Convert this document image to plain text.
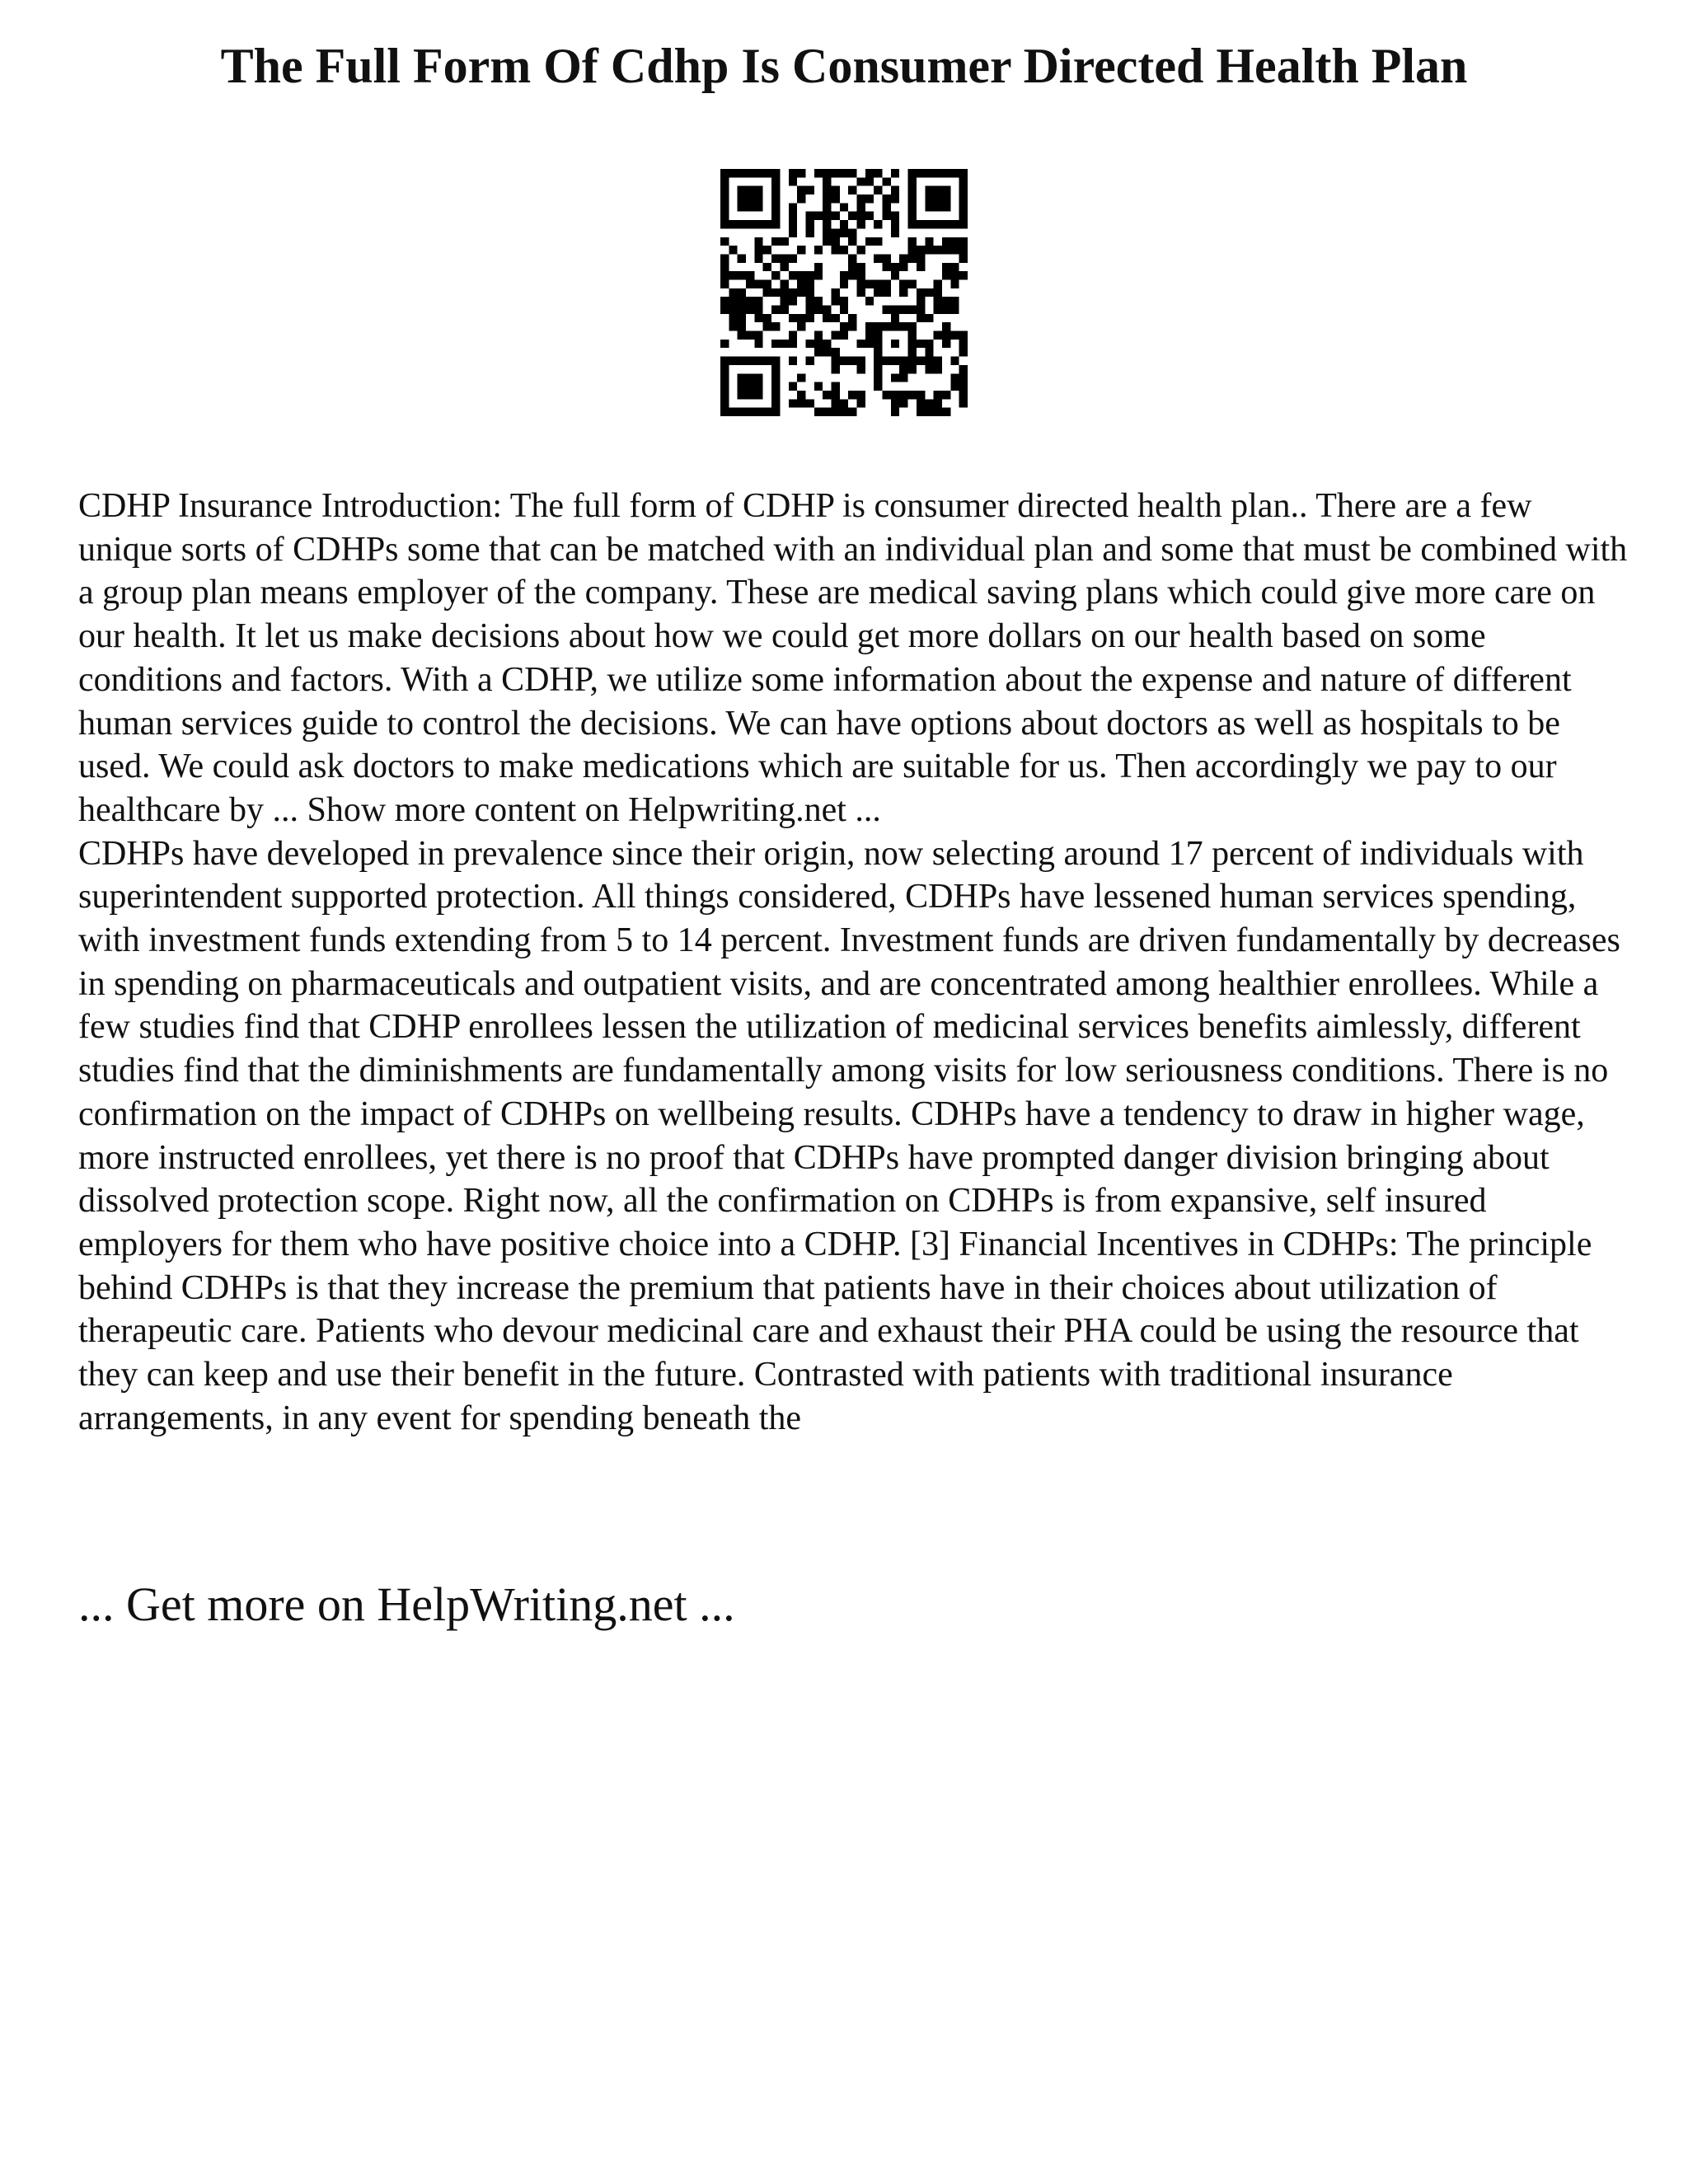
The Full Form Of Cdhp Is Consumer Directed Health Plan

CDHP Insurance Introduction: The full form of CDHP is consumer directed health plan.. There are a few unique sorts of CDHPs some that can be matched with an individual plan and some that must be combined with a group plan means employer of the company. These are medical saving plans which could give more care on our health. It let us make decisions about how we could get more dollars on our health based on some conditions and factors. With a CDHP, we utilize some information about the expense and nature of different human services guide to control the decisions. We can have options about doctors as well as hospitals to be used. We could ask doctors to make medications which are suitable for us. Then accordingly we pay to our healthcare by ... Show more content on Helpwriting.net ...

CDHPs have developed in prevalence since their origin, now selecting around 17 percent of individuals with superintendent supported protection. All things considered, CDHPs have lessened human services spending, with investment funds extending from 5 to 14 percent. Investment funds are driven fundamentally by decreases in spending on pharmaceuticals and outpatient visits, and are concentrated among healthier enrollees. While a few studies find that CDHP enrollees lessen the utilization of medicinal services benefits aimlessly, different studies find that the diminishments are fundamentally among visits for low seriousness conditions. There is no confirmation on the impact of CDHPs on wellbeing results. CDHPs have a tendency to draw in higher wage, more instructed enrollees, yet there is no proof that CDHPs have prompted danger division bringing about dissolved protection scope. Right now, all the confirmation on CDHPs is from expansive, self insured employers for them who have positive choice into a CDHP. [3] Financial Incentives in CDHPs: The principle behind CDHPs is that they increase the premium that patients have in their choices about utilization of therapeutic care. Patients who devour medicinal care and exhaust their PHA could be using the resource that they can keep and use their benefit in the future. Contrasted with patients with traditional insurance arrangements, in any event for spending beneath the

... Get more on HelpWriting.net ...
